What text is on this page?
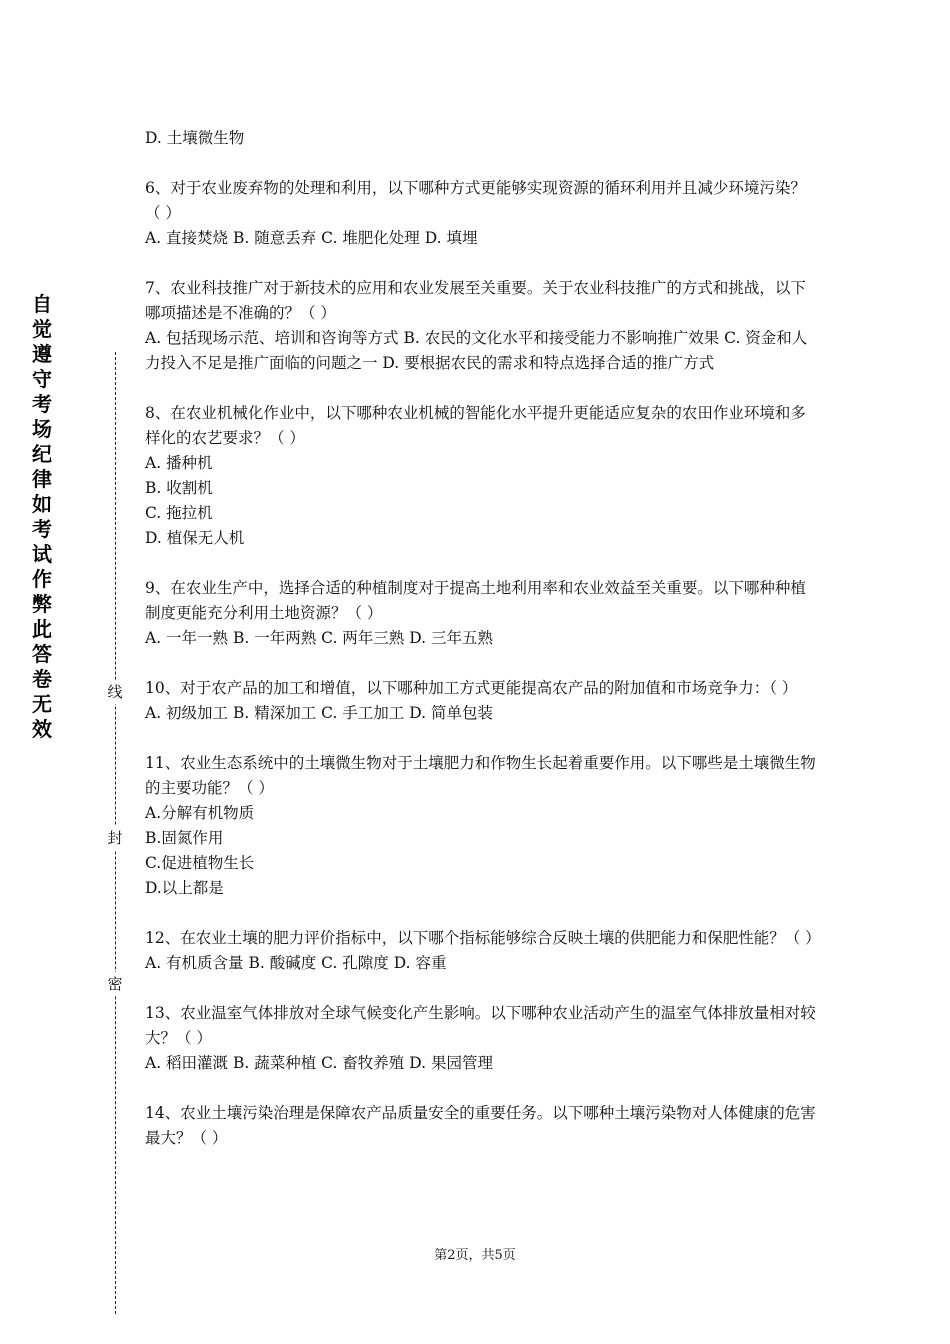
自觉遵守考场纪律如考试作弊此答卷无效
线
封
密
D. 土壤微生物
6、对于农业废弃物的处理和利用，以下哪种方式更能够实现资源的循环利用并且减少环境污染？（ ）
A. 直接焚烧 B. 随意丢弃 C. 堆肥化处理 D. 填埋
7、农业科技推广对于新技术的应用和农业发展至关重要。关于农业科技推广的方式和挑战，以下哪项描述是不准确的？（ ）
A. 包括现场示范、培训和咨询等方式 B. 农民的文化水平和接受能力不影响推广效果 C. 资金和人力投入不足是推广面临的问题之一 D. 要根据农民的需求和特点选择合适的推广方式
8、在农业机械化作业中，以下哪种农业机械的智能化水平提升更能适应复杂的农田作业环境和多样化的农艺要求？（ ）
A. 播种机
B. 收割机
C. 拖拉机
D. 植保无人机
9、在农业生产中，选择合适的种植制度对于提高土地利用率和农业效益至关重要。以下哪种种植制度更能充分利用土地资源？（ ）
A. 一年一熟 B. 一年两熟 C. 两年三熟 D. 三年五熟
10、对于农产品的加工和增值，以下哪种加工方式更能提高农产品的附加值和市场竞争力：（ ）
A. 初级加工 B. 精深加工 C. 手工加工 D. 简单包装
11、农业生态系统中的土壤微生物对于土壤肥力和作物生长起着重要作用。以下哪些是土壤微生物的主要功能？（ ）
A.分解有机物质
B.固氮作用
C.促进植物生长
D.以上都是
12、在农业土壤的肥力评价指标中，以下哪个指标能够综合反映土壤的供肥能力和保肥性能？（ ）
A. 有机质含量 B. 酸碱度 C. 孔隙度 D. 容重
13、农业温室气体排放对全球气候变化产生影响。以下哪种农业活动产生的温室气体排放量相对较大？（ ）
A. 稻田灌溉 B. 蔬菜种植 C. 畜牧养殖 D. 果园管理
14、农业土壤污染治理是保障农产品质量安全的重要任务。以下哪种土壤污染物对人体健康的危害最大？（ ）
第2页，共5页
